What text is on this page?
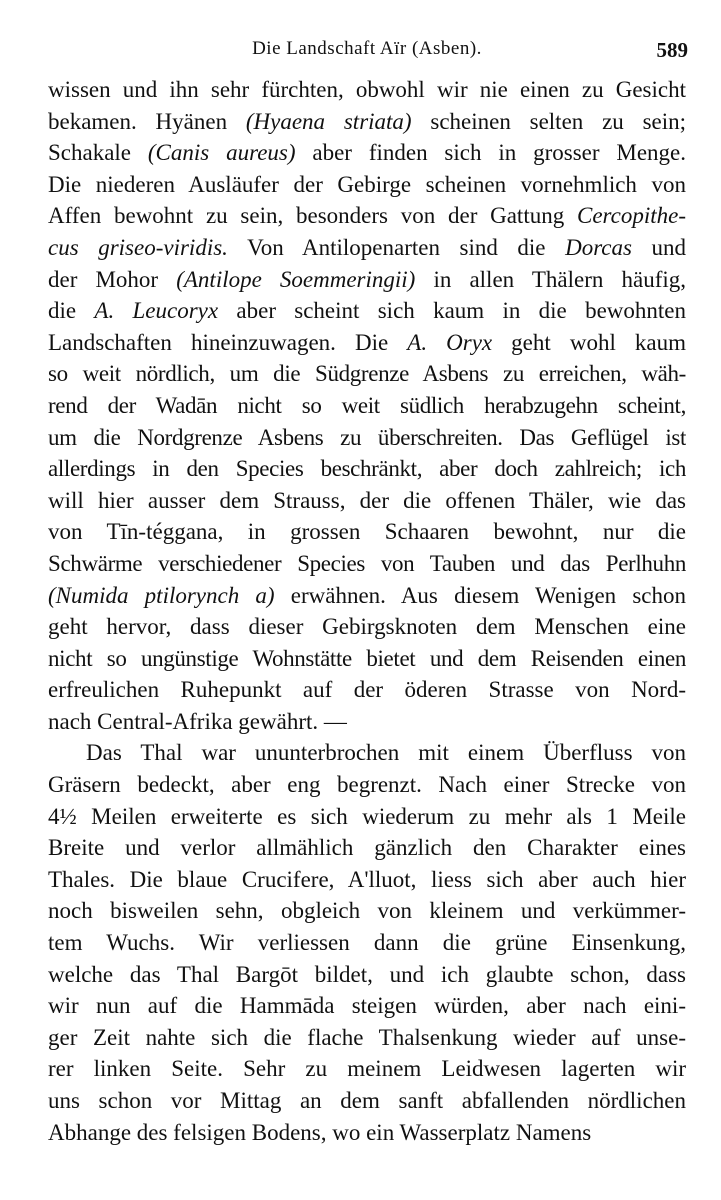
Die Landschaft Aïr (Asben).	589
wissen und ihn sehr fürchten, obwohl wir nie einen zu Gesicht
bekamen. Hyänen (Hyaena striata) scheinen selten zu sein;
Schakale (Canis aureus) aber finden sich in grosser Menge.
Die niederen Ausläufer der Gebirge scheinen vornehmlich von
Affen bewohnt zu sein, besonders von der Gattung Cercopithe-
cus griseo-viridis. Von Antilopenarten sind die Dorcas und
der Mohor (Antilope Soemmeringii) in allen Thälern häufig,
die A. Leucoryx aber scheint sich kaum in die bewohnten
Landschaften hineinzuwagen. Die A. Oryx geht wohl kaum
so weit nördlich, um die Südgrenze Asbens zu erreichen, wäh-
rend der Wadān nicht so weit südlich herabzugehn scheint,
um die Nordgrenze Asbens zu überschreiten. Das Geflügel ist
allerdings in den Species beschränkt, aber doch zahlreich; ich
will hier ausser dem Strauss, der die offenen Thäler, wie das
von Tīn-téggana, in grossen Schaaren bewohnt, nur die
Schwärme verschiedener Species von Tauben und das Perlhuhn
(Numida ptilorynch a) erwähnen. Aus diesem Wenigen schon
geht hervor, dass dieser Gebirgsknoten dem Menschen eine
nicht so ungünstige Wohnstätte bietet und dem Reisenden einen
erfreulichen Ruhepunkt auf der öderen Strasse von Nord-
nach Central-Afrika gewährt. —
Das Thal war ununterbrochen mit einem Überfluss von
Gräsern bedeckt, aber eng begrenzt. Nach einer Strecke von
4½ Meilen erweiterte es sich wiederum zu mehr als 1 Meile
Breite und verlor allmählich gänzlich den Charakter eines
Thales. Die blaue Crucifere, A'lluot, liess sich aber auch hier
noch bisweilen sehn, obgleich von kleinem und verkümmer-
tem Wuchs. Wir verliessen dann die grüne Einsenkung,
welche das Thal Bargōt bildet, und ich glaubte schon, dass
wir nun auf die Hammāda steigen würden, aber nach eini-
ger Zeit nahte sich die flache Thalsenkung wieder auf unse-
rer linken Seite. Sehr zu meinem Leidwesen lagerten wir
uns schon vor Mittag an dem sanft abfallenden nördlichen
Abhange des felsigen Bodens, wo ein Wasserplatz Namens
